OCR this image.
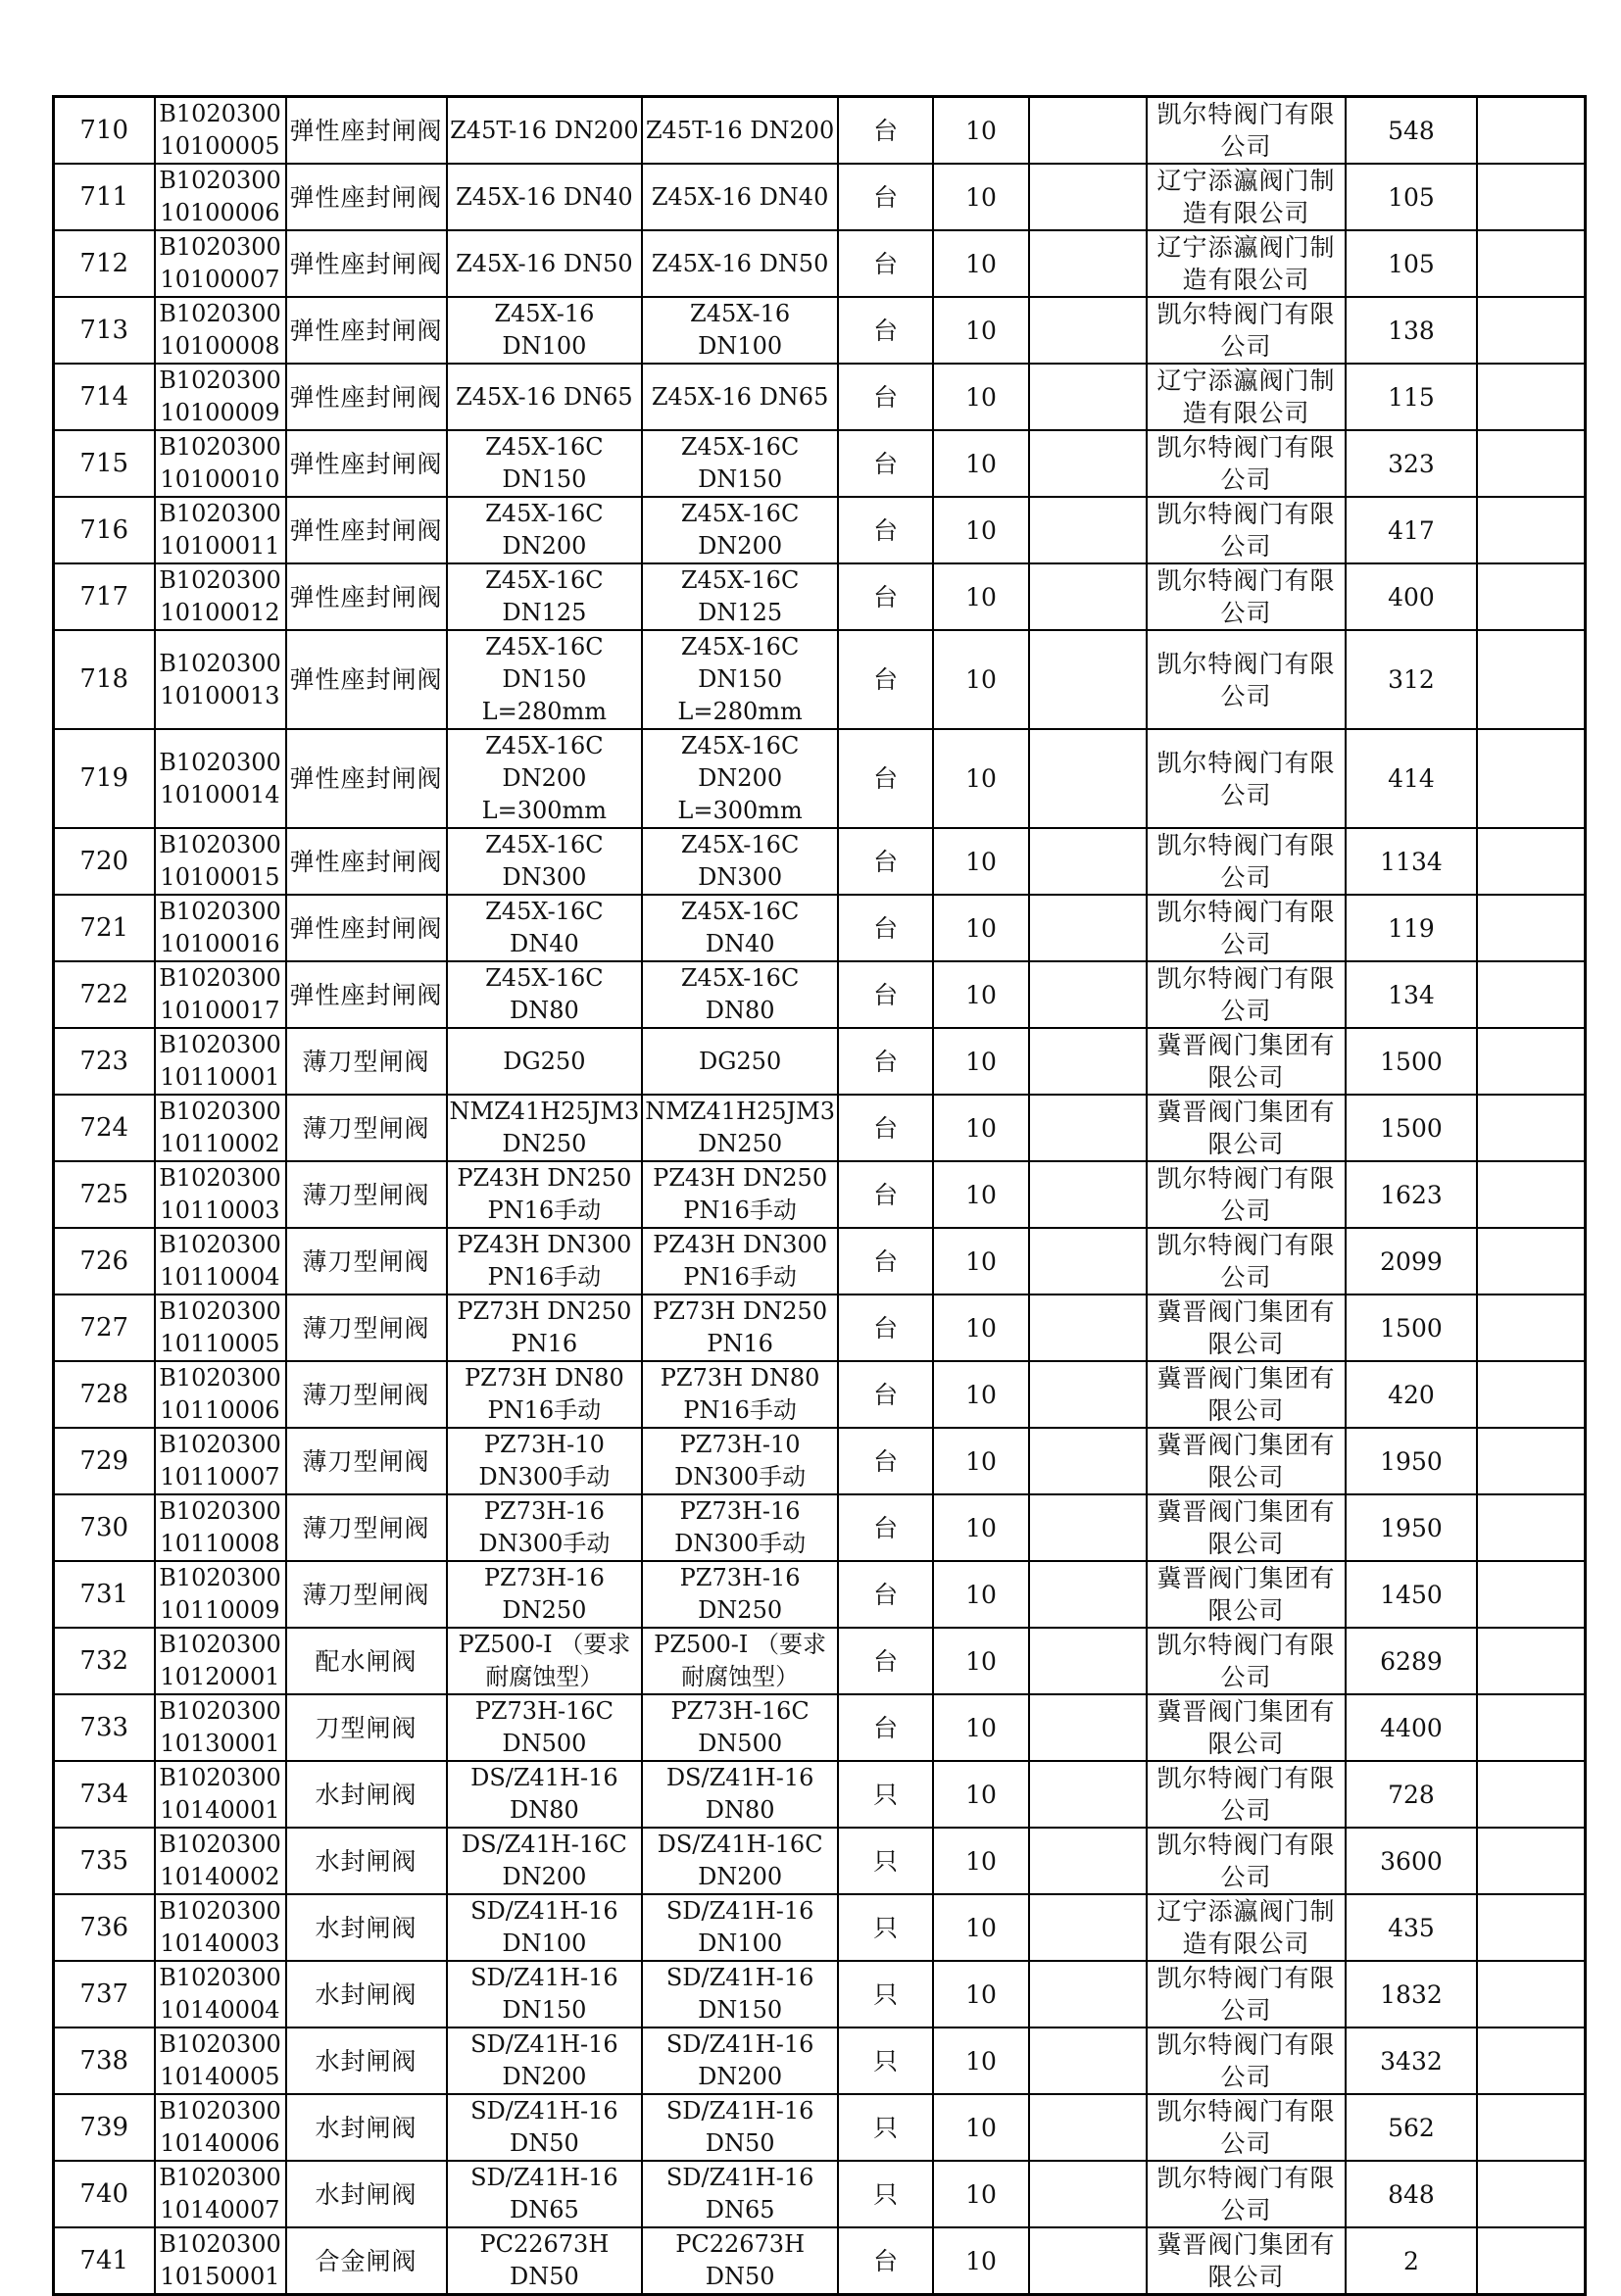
710	B1020300 10100005	弹性座封闸阀	Z45T-16 DN200	Z45T-16 DN200	台	10		凯尔特阀门有限公司	548	
711	B1020300 10100006	弹性座封闸阀	Z45X-16 DN40	Z45X-16 DN40	台	10		辽宁添瀛阀门制造有限公司	105	
712	B1020300 10100007	弹性座封闸阀	Z45X-16 DN50	Z45X-16 DN50	台	10		辽宁添瀛阀门制造有限公司	105	
713	B1020300 10100008	弹性座封闸阀	Z45X-16 DN100	Z45X-16 DN100	台	10		凯尔特阀门有限公司	138	
714	B1020300 10100009	弹性座封闸阀	Z45X-16 DN65	Z45X-16 DN65	台	10		辽宁添瀛阀门制造有限公司	115	
715	B1020300 10100010	弹性座封闸阀	Z45X-16C DN150	Z45X-16C DN150	台	10		凯尔特阀门有限公司	323	
716	B1020300 10100011	弹性座封闸阀	Z45X-16C DN200	Z45X-16C DN200	台	10		凯尔特阀门有限公司	417	
717	B1020300 10100012	弹性座封闸阀	Z45X-16C DN125	Z45X-16C DN125	台	10		凯尔特阀门有限公司	400	
718	B1020300 10100013	弹性座封闸阀	Z45X-16C DN150 L=280mm	Z45X-16C DN150 L=280mm	台	10		凯尔特阀门有限公司	312	
719	B1020300 10100014	弹性座封闸阀	Z45X-16C DN200 L=300mm	Z45X-16C DN200 L=300mm	台	10		凯尔特阀门有限公司	414	
720	B1020300 10100015	弹性座封闸阀	Z45X-16C DN300	Z45X-16C DN300	台	10		凯尔特阀门有限公司	1134	
721	B1020300 10100016	弹性座封闸阀	Z45X-16C DN40	Z45X-16C DN40	台	10		凯尔特阀门有限公司	119	
722	B1020300 10100017	弹性座封闸阀	Z45X-16C DN80	Z45X-16C DN80	台	10		凯尔特阀门有限公司	134	
723	B1020300 10110001	薄刀型闸阀	DG250	DG250	台	10		冀晋阀门集团有限公司	1500	
724	B1020300 10110002	薄刀型闸阀	NMZ41H25JM3 DN250	NMZ41H25JM3 DN250	台	10		冀晋阀门集团有限公司	1500	
725	B1020300 10110003	薄刀型闸阀	PZ43H DN250 PN16手动	PZ43H DN250 PN16手动	台	10		凯尔特阀门有限公司	1623	
726	B1020300 10110004	薄刀型闸阀	PZ43H DN300 PN16手动	PZ43H DN300 PN16手动	台	10		凯尔特阀门有限公司	2099	
727	B1020300 10110005	薄刀型闸阀	PZ73H DN250 PN16	PZ73H DN250 PN16	台	10		冀晋阀门集团有限公司	1500	
728	B1020300 10110006	薄刀型闸阀	PZ73H DN80 PN16手动	PZ73H DN80 PN16手动	台	10		冀晋阀门集团有限公司	420	
729	B1020300 10110007	薄刀型闸阀	PZ73H-10 DN300手动	PZ73H-10 DN300手动	台	10		冀晋阀门集团有限公司	1950	
730	B1020300 10110008	薄刀型闸阀	PZ73H-16 DN300手动	PZ73H-16 DN300手动	台	10		冀晋阀门集团有限公司	1950	
731	B1020300 10110009	薄刀型闸阀	PZ73H-16 DN250	PZ73H-16 DN250	台	10		冀晋阀门集团有限公司	1450	
732	B1020300 10120001	配水闸阀	PZ500-I （要求耐腐蚀型）	PZ500-I （要求耐腐蚀型）	台	10		凯尔特阀门有限公司	6289	
733	B1020300 10130001	刀型闸阀	PZ73H-16C DN500	PZ73H-16C DN500	台	10		冀晋阀门集团有限公司	4400	
734	B1020300 10140001	水封闸阀	DS/Z41H-16 DN80	DS/Z41H-16 DN80	只	10		凯尔特阀门有限公司	728	
735	B1020300 10140002	水封闸阀	DS/Z41H-16C DN200	DS/Z41H-16C DN200	只	10		凯尔特阀门有限公司	3600	
736	B1020300 10140003	水封闸阀	SD/Z41H-16 DN100	SD/Z41H-16 DN100	只	10		辽宁添瀛阀门制造有限公司	435	
737	B1020300 10140004	水封闸阀	SD/Z41H-16 DN150	SD/Z41H-16 DN150	只	10		凯尔特阀门有限公司	1832	
738	B1020300 10140005	水封闸阀	SD/Z41H-16 DN200	SD/Z41H-16 DN200	只	10		凯尔特阀门有限公司	3432	
739	B1020300 10140006	水封闸阀	SD/Z41H-16 DN50	SD/Z41H-16 DN50	只	10		凯尔特阀门有限公司	562	
740	B1020300 10140007	水封闸阀	SD/Z41H-16 DN65	SD/Z41H-16 DN65	只	10		凯尔特阀门有限公司	848	
741	B1020300 10150001	合金闸阀	PC22673H DN50	PC22673H DN50	台	10		冀晋阀门集团有限公司	2	
